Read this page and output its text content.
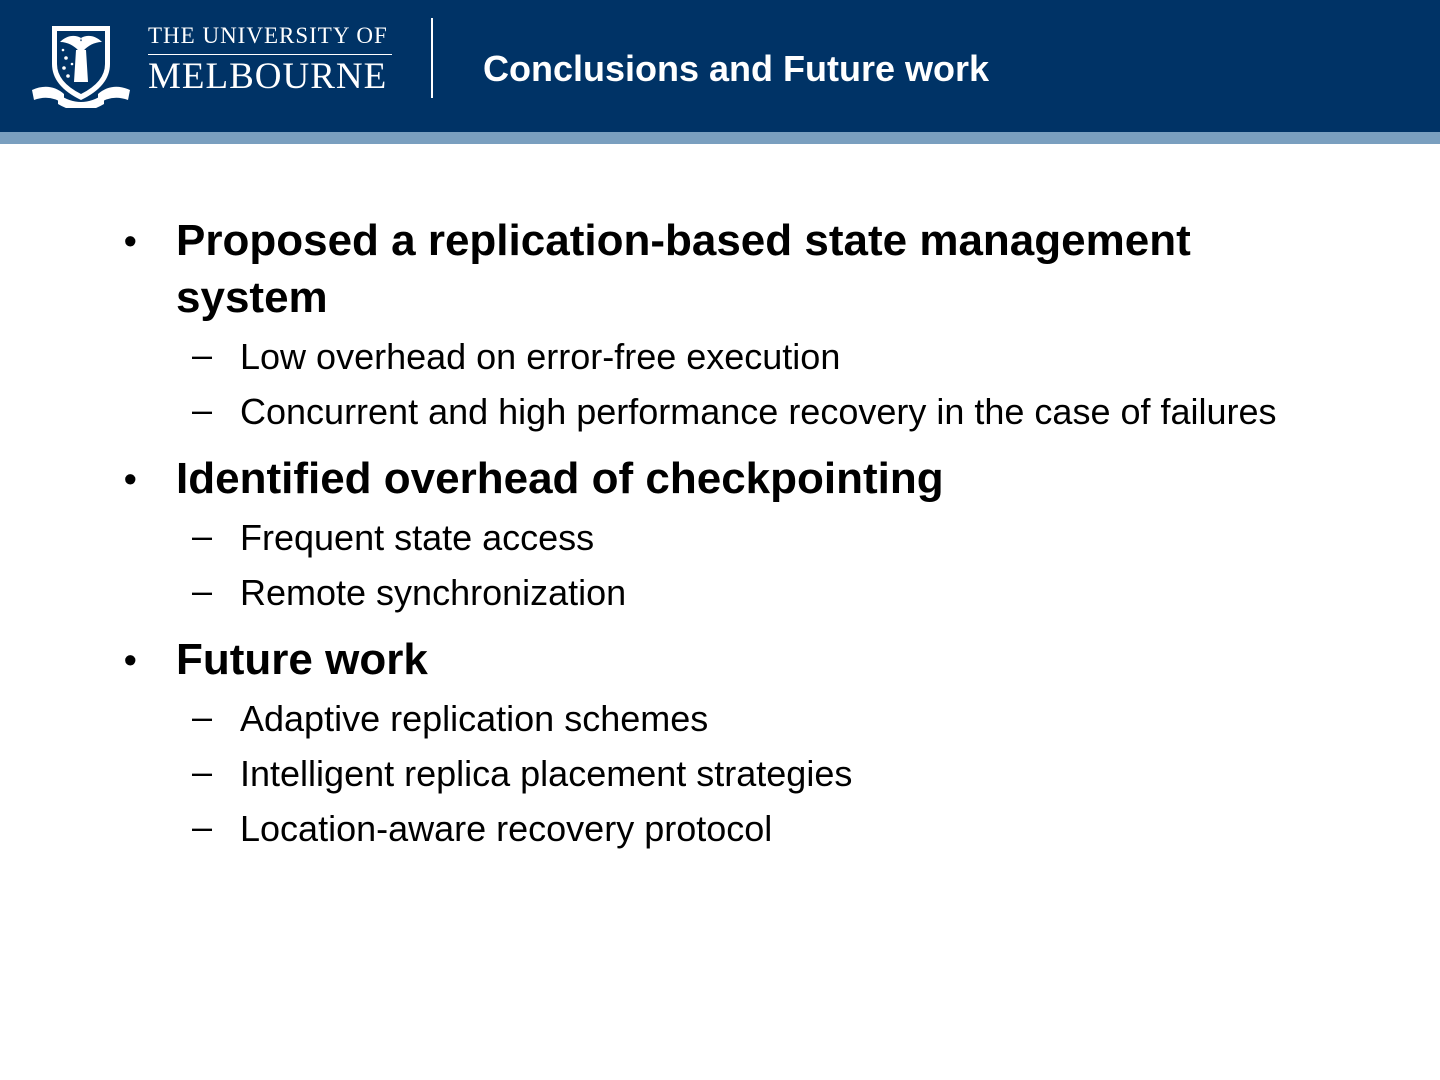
THE UNIVERSITY OF
MELBOURNE	Conclusions and Future work
• Proposed a replication-based state management system
– Low overhead on error-free execution
– Concurrent and high performance recovery in the case of failures
• Identified overhead of checkpointing
– Frequent state access
– Remote synchronization
• Future work
– Adaptive replication schemes
– Intelligent replica placement strategies
– Location-aware recovery protocol
